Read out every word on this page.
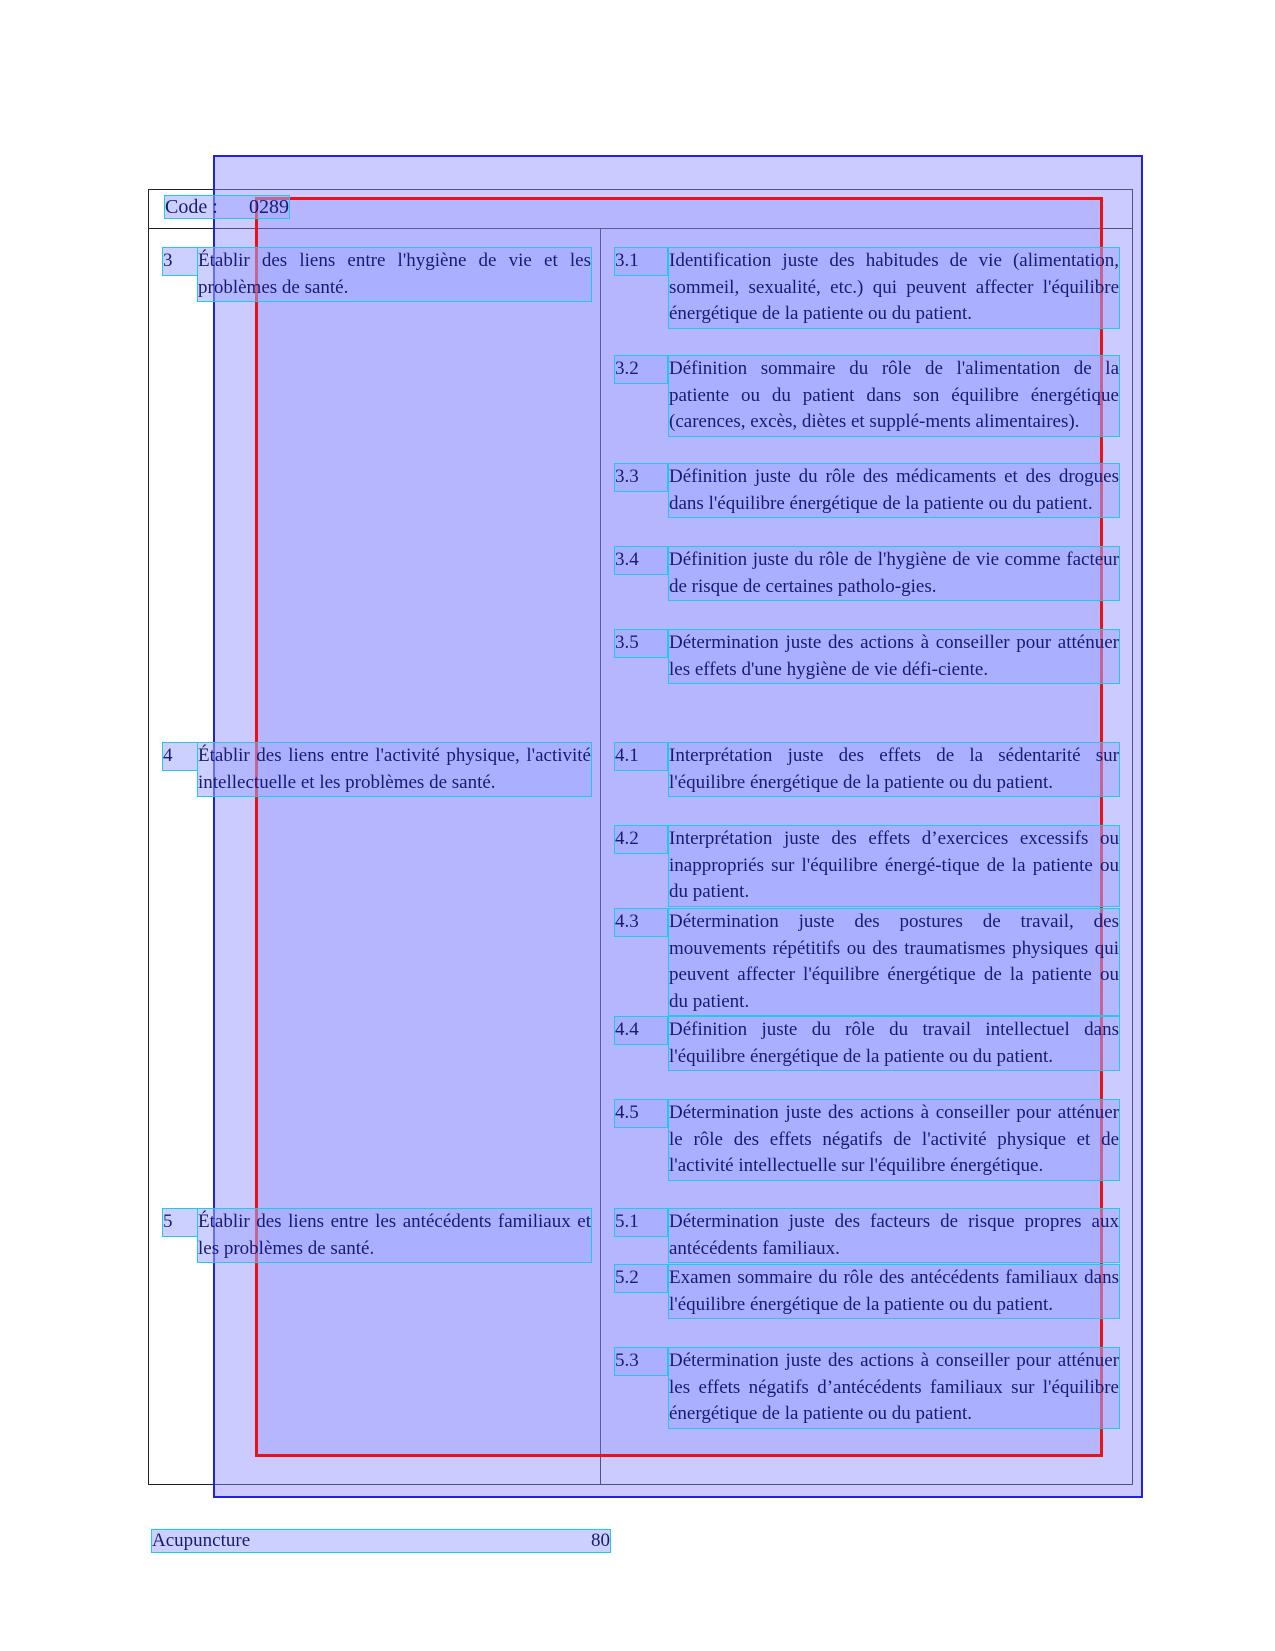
Code : 0289
3	Établir des liens entre l'hygiène de vie et les problèmes de santé.
3.1	Identification juste des habitudes de vie (alimentation, sommeil, sexualité, etc.) qui peuvent affecter l'équilibre énergétique de la patiente ou du patient.
3.2	Définition sommaire du rôle de l'alimentation de la patiente ou du patient dans son équilibre énergétique (carences, excès, diètes et supplé-ments alimentaires).
3.3	Définition juste du rôle des médicaments et des drogues dans l'équilibre énergétique de la patiente ou du patient.
3.4	Définition juste du rôle de l'hygiène de vie comme facteur de risque de certaines patholo-gies.
3.5	Détermination juste des actions à conseiller pour atténuer les effets d'une hygiène de vie défi-ciente.
4	Établir des liens entre l'activité physique, l'activité intellectuelle et les problèmes de santé.
4.1	Interprétation juste des effets de la sédentarité sur l'équilibre énergétique de la patiente ou du patient.
4.2	Interprétation juste des effets d’exercices excessifs ou inappropriés sur l'équilibre énergé-tique de la patiente ou du patient.
4.3	Détermination juste des postures de travail, des mouvements répétitifs ou des traumatismes physiques qui peuvent affecter l'équilibre énergétique de la patiente ou du patient.
4.4	Définition juste du rôle du travail intellectuel dans l'équilibre énergétique de la patiente ou du patient.
4.5	Détermination juste des actions à conseiller pour atténuer le rôle des effets négatifs de l'activité physique et de l'activité intellectuelle sur l'équilibre énergétique.
5	Établir des liens entre les antécédents familiaux et les problèmes de santé.
5.1	Détermination juste des facteurs de risque propres aux antécédents familiaux.
5.2	Examen sommaire du rôle des antécédents familiaux dans l'équilibre énergétique de la patiente ou du patient.
5.3	Détermination juste des actions à conseiller pour atténuer les effets négatifs d’antécédents familiaux sur l'équilibre énergétique de la patiente ou du patient.
Acupuncture	80
